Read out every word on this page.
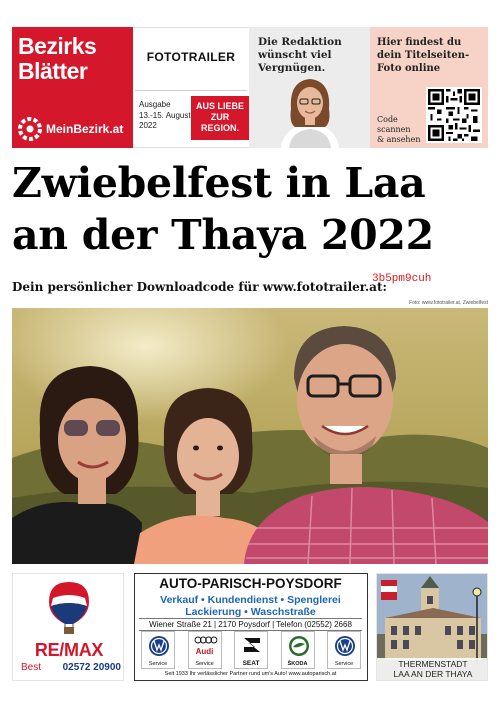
Bezirks
Blätter
MeinBezirk.at
FOTOTRAILER
Ausgabe
13.-15. August
2022
AUS LIEBE
ZUR
REGION.
Die Redaktion wünscht viel Vergnügen.
Hier findest du dein Titelseiten-Foto online
Code
scannen
& ansehen
Zwiebelfest in Laa
an der Thaya 2022
Dein persönlicher Downloadcode für www.fototrailer.at:
3b5pm9cuh
Foto: www.fototrailer.at, Zwiebelfest
RE/MAX
Best 02572 20900
AUTO-PARISCH-POYSDORF
Verkauf • Kundendienst • Spenglerei
Lackierung • Waschstraße
Wiener Straße 21 | 2170 Poysdorf | Telefon (02552) 2668
Service
Audi
Service	SEAT	ŠKODA	Service
Seit 1933 Ihr verlässlicher Partner rund um's Auto! www.autoparisch.at
THERMENSTADT
LAA AN DER THAYA
